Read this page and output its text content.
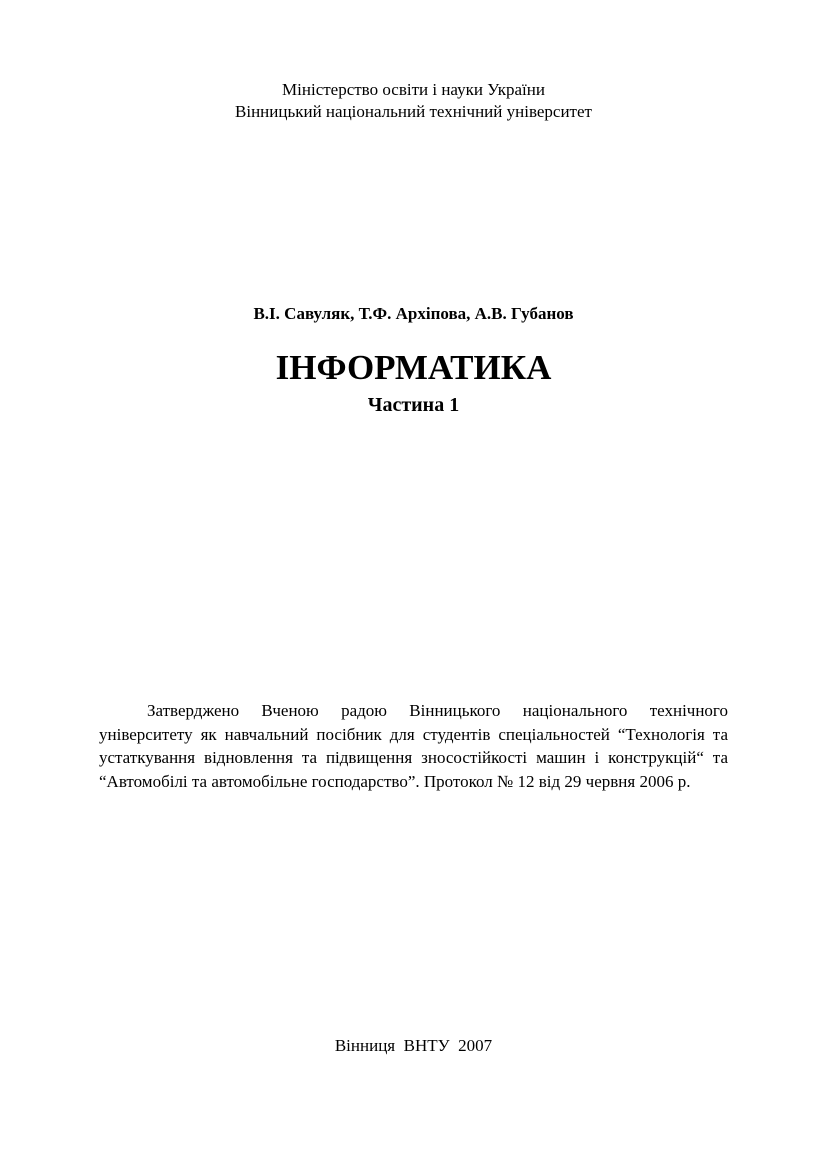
Міністерство освіти і науки України
Вінницький національний технічний університет
В.І. Савуляк, Т.Ф. Архіпова, А.В. Губанов
ІНФОРМАТИКА
Частина 1

Затверджено Вченою радою Вінницького національного технічного університету як навчальний посібник для студентів спеціальностей “Технологія та устаткування відновлення та підвищення зносостійкості машин і конструкцій“ та “Автомобілі та автомобільне господарство”. Протокол № 12 від 29 червня 2006 р.

Вінниця  ВНТУ  2007
